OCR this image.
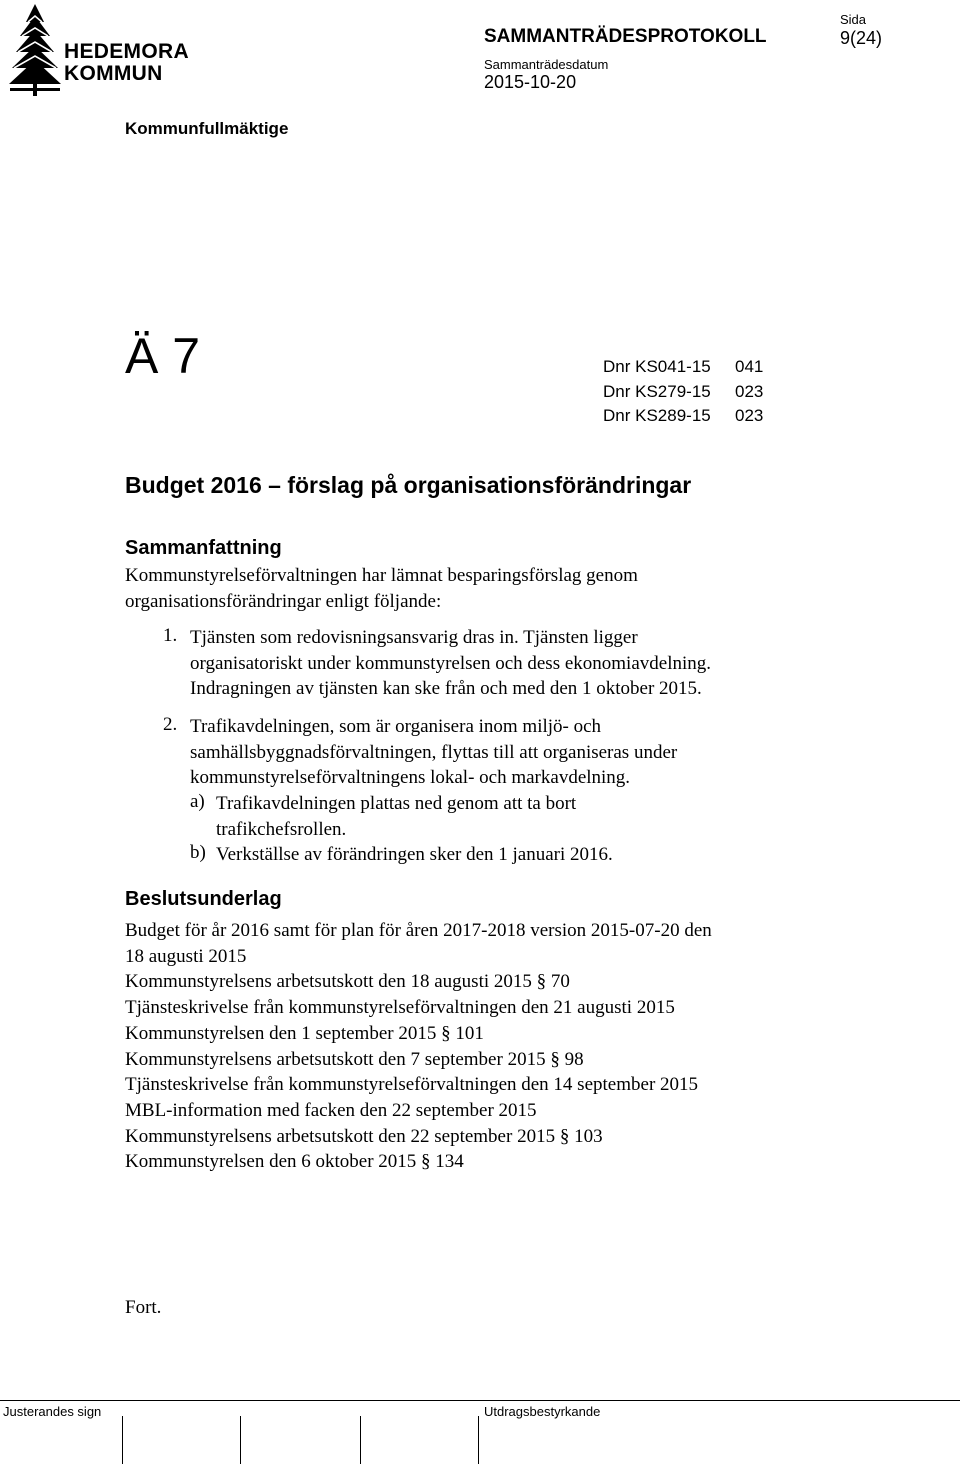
HEDEMORA
KOMMUN
SAMMANTRÄDESPROTOKOLL
Sida
9(24)
Sammanträdesdatum
2015-10-20
Kommunfullmäktige
Ä 7	Dnr KS041-15 041
Dnr KS279-15 023
Dnr KS289-15 023
Budget 2016 – förslag på organisationsförändringar
Sammanfattning
Kommunstyrelseförvaltningen har lämnat besparingsförslag genom
organisationsförändringar enligt följande:
1. Tjänsten som redovisningsansvarig dras in. Tjänsten ligger
organisatoriskt under kommunstyrelsen och dess ekonomiavdelning.
Indragningen av tjänsten kan ske från och med den 1 oktober 2015.
2. Trafikavdelningen, som är organisera inom miljö- och
samhällsbyggnadsförvaltningen, flyttas till att organiseras under
kommunstyrelseförvaltningens lokal- och markavdelning.
a) Trafikavdelningen plattas ned genom att ta bort
trafikchefsrollen.
b) Verkställse av förändringen sker den 1 januari 2016.
Beslutsunderlag
Budget för år 2016 samt för plan för åren 2017-2018 version 2015-07-20 den
18 augusti 2015
Kommunstyrelsens arbetsutskott den 18 augusti 2015 § 70
Tjänsteskrivelse från kommunstyrelseförvaltningen den 21 augusti 2015
Kommunstyrelsen den 1 september 2015 § 101
Kommunstyrelsens arbetsutskott den 7 september 2015 § 98
Tjänsteskrivelse från kommunstyrelseförvaltningen den 14 september 2015
MBL-information med facken den 22 september 2015
Kommunstyrelsens arbetsutskott den 22 september 2015 § 103
Kommunstyrelsen den 6 oktober 2015 § 134
Fort.
Justerandes sign	Utdragsbestyrkande
